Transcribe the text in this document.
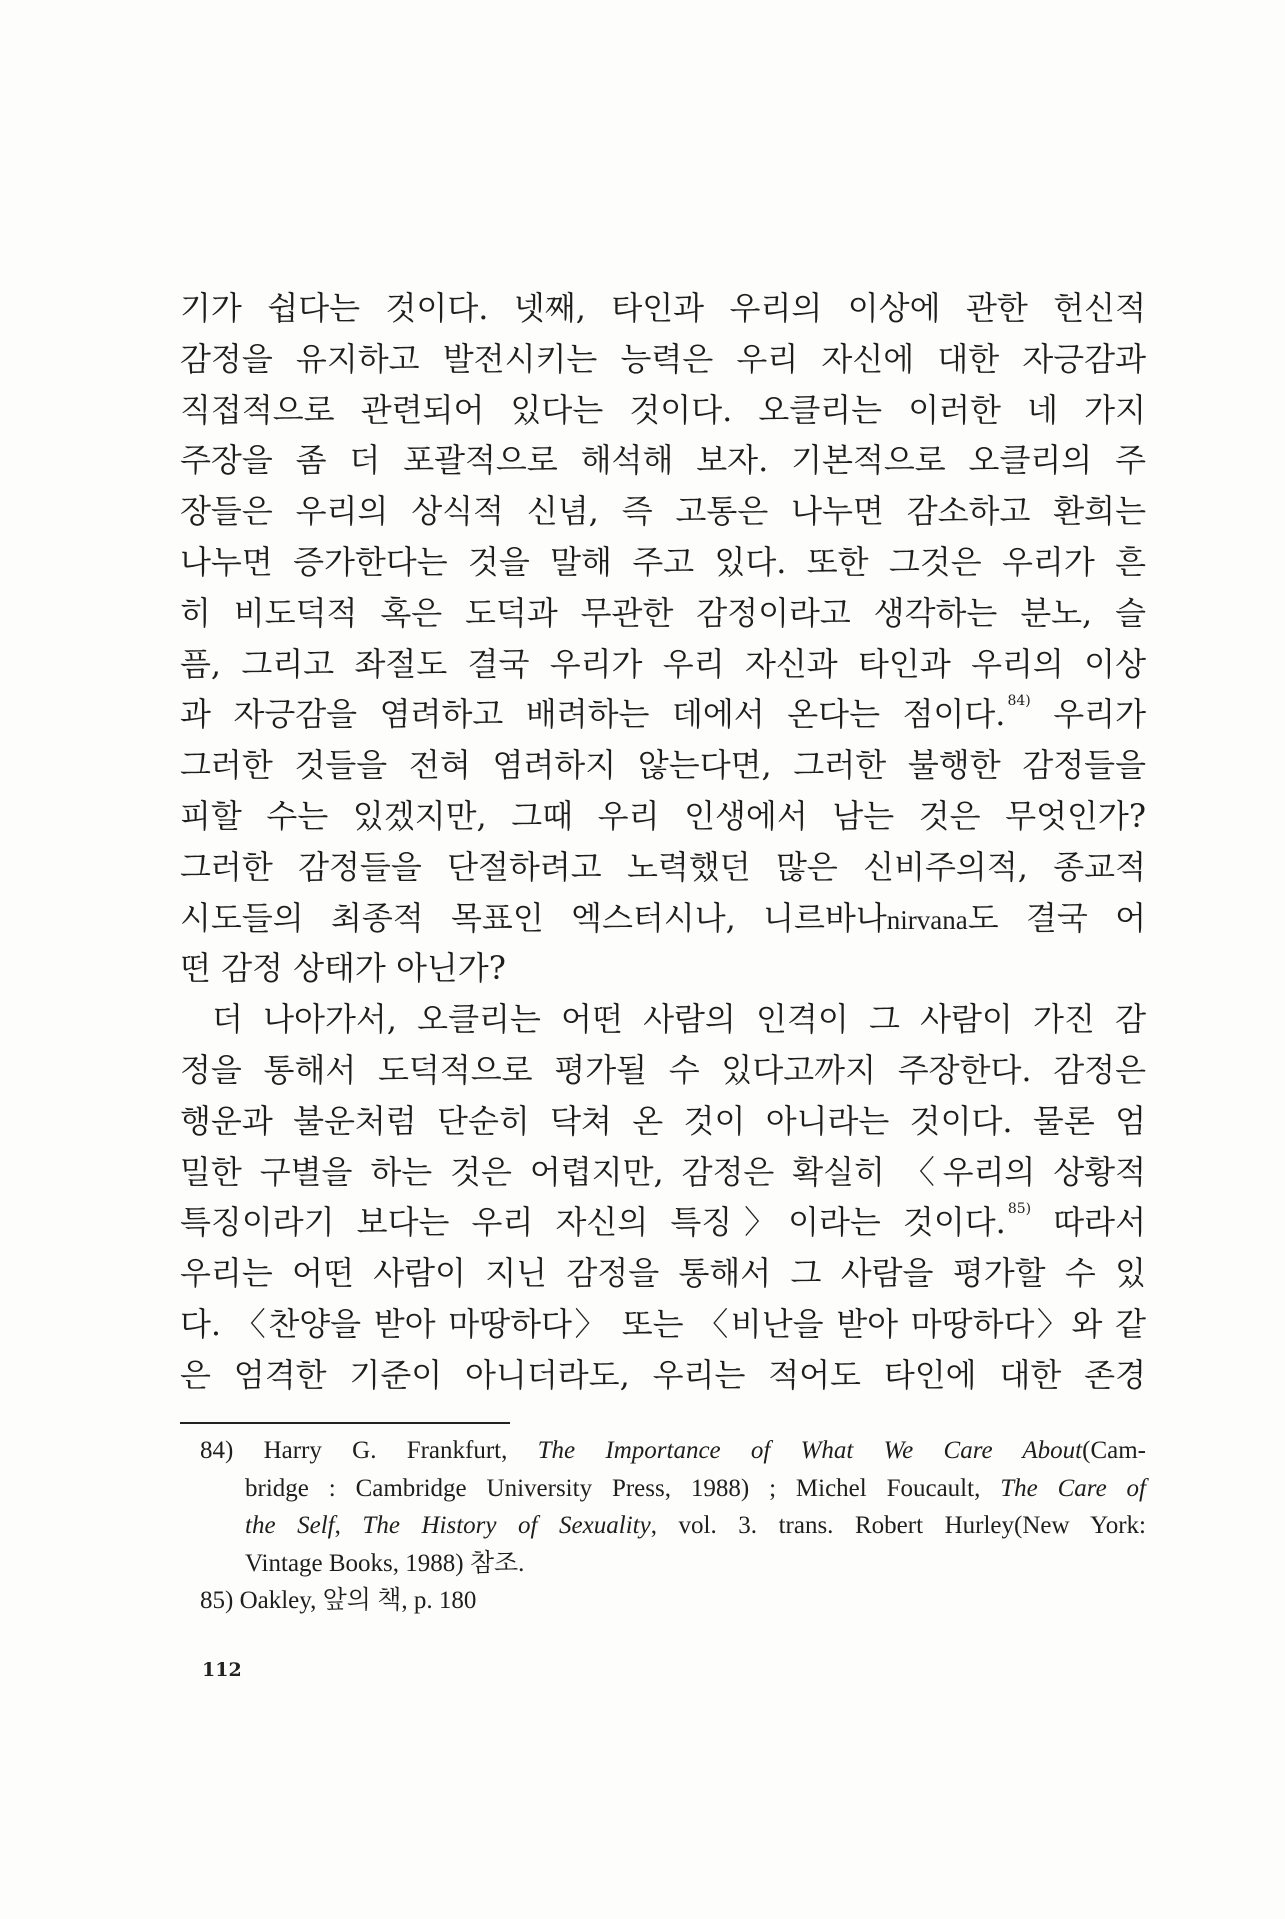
기가 쉽다는 것이다. 넷째, 타인과 우리의 이상에 관한 헌신적
감정을 유지하고 발전시키는 능력은 우리 자신에 대한 자긍감과
직접적으로 관련되어 있다는 것이다. 오클리는 이러한 네 가지
주장을 좀 더 포괄적으로 해석해 보자. 기본적으로 오클리의 주
장들은 우리의 상식적 신념, 즉 고통은 나누면 감소하고 환희는
나누면 증가한다는 것을 말해 주고 있다. 또한 그것은 우리가 흔
히 비도덕적 혹은 도덕과 무관한 감정이라고 생각하는 분노, 슬
픔, 그리고 좌절도 결국 우리가 우리 자신과 타인과 우리의 이상
과 자긍감을 염려하고 배려하는 데에서 온다는 점이다. $^{84)}$ 우리가
그러한 것들을 전혀 염려하지 않는다면, 그러한 불행한 감정들을
피할 수는 있겠지만, 그때 우리 인생에서 남는 것은 무엇인가?
그러한 감정들을 단절하려고 노력했던 많은 신비주의적, 종교적
시도들의 최종적 목표인 엑스터시나, 니르바나nirvana도 결국 어
떤 감정 상태가 아닌가?
더 나아가서, 오클리는 어떤 사람의 인격이 그 사람이 가진 감
정을 통해서 도덕적으로 평가될 수 있다고까지 주장한다. 감정은
행운과 불운처럼 단순히 닥쳐 온 것이 아니라는 것이다. 물론 엄
밀한 구별을 하는 것은 어렵지만, 감정은 확실히 〈우리의 상황적
특징이라기 보다는 우리 자신의 특징〉이라는 것이다. $^{85)}$ 따라서
우리는 어떤 사람이 지닌 감정을 통해서 그 사람을 평가할 수 있
다. 〈찬양을 받아 마땅하다〉 또는 〈비난을 받아 마땅하다〉와 같
은 엄격한 기준이 아니더라도, 우리는 적어도 타인에 대한 존경
84) Harry G. Frankfurt, The Importance of What We Care About(Cam-
bridge : Cambridge University Press, 1988) ; Michel Foucault, The Care of
the Self, The History of Sexuality, vol. 3. trans. Robert Hurley(New York:
Vintage Books, 1988) 참조.
85) Oakley, 앞의 책, p. 180
112
